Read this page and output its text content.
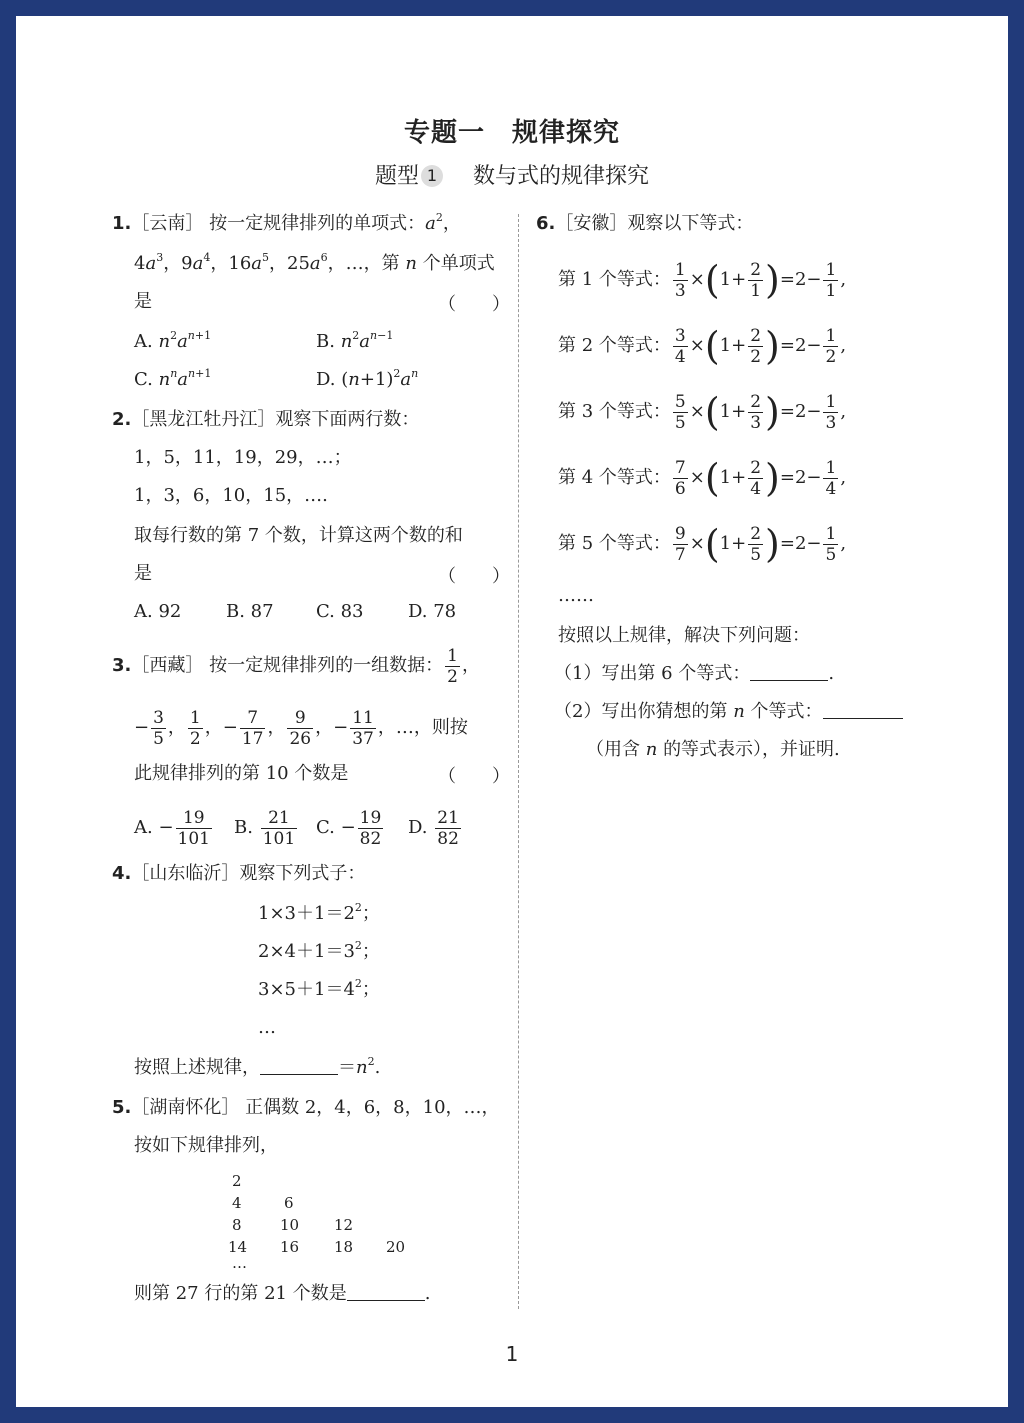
专题一　规律探究
题型 1 数与式的规律探究
1.［云南］ 按一定规律排列的单项式：$a^2$，
$4a^3$，$9a^4$，$16a^5$，$25a^6$，…，第 n 个单项式
是	（　　）
A. $n^2a^{n+1}$	B. $n^2a^{n-1}$
C. $n^na^{n+1}$	D. $(n+1)^2a^n$
2.［黑龙江牡丹江］观察下面两行数：
1，5，11，19，29，…；
1，3，6，10，15，….
取每行数的第 7 个数，计算这两个数的和
是	（　　）
A. 92 B. 87 C. 83 D. 78
3.［西藏］ 按一定规律排列的一组数据： $\frac{1}{2}$ ，
− $\frac{3}{5}$ ， $\frac{1}{2}$ ，− $\frac{7}{17}$ ， $\frac{9}{26}$ ，− $\frac{11}{37}$ ，…，则按
此规律排列的第 10 个数是	（　　）
A. − $\frac{19}{101} B$. $\frac{21}{101} C$. − $\frac{19}{82} D$. $\frac{21}{82}$
4.［山东临沂］观察下列式子：
$1\times 3+1=2^2$；
$2\times 4+1=3^2$；
$3\times 5+1=4^2$；
…
按照上述规律，	$=n^2$.
5.［湖南怀化］ 正偶数 2，4，6，8，10，…，
按如下规律排列，
2
4	6
8	10 12
14 16 18 20
…
则第 27 行的第 21 个数是	.
6.［安徽］观察以下等式：
第 1 个等式： $\frac{1}{3} \times(1+ \frac{2}{1} )=2- \frac{1}{1}$ ,
第 2 个等式： $\frac{3}{4} \times(1+ \frac{2}{2} )=2- \frac{1}{2}$ ,
第 3 个等式： $\frac{5}{5} \times(1+ \frac{2}{3} )=2- \frac{1}{3}$ ,
第 4 个等式： $\frac{7}{6} \times(1+ \frac{2}{4} )=2- \frac{1}{4}$ ,
第 5 个等式： $\frac{9}{7} \times(1+ \frac{2}{5} )=2- \frac{1}{5}$ ,
……
按照以上规律，解决下列问题：
（1）写出第 6 个等式：	.
（2）写出你猜想的第 n 个等式：
（用含 n 的等式表示），并证明.
1
